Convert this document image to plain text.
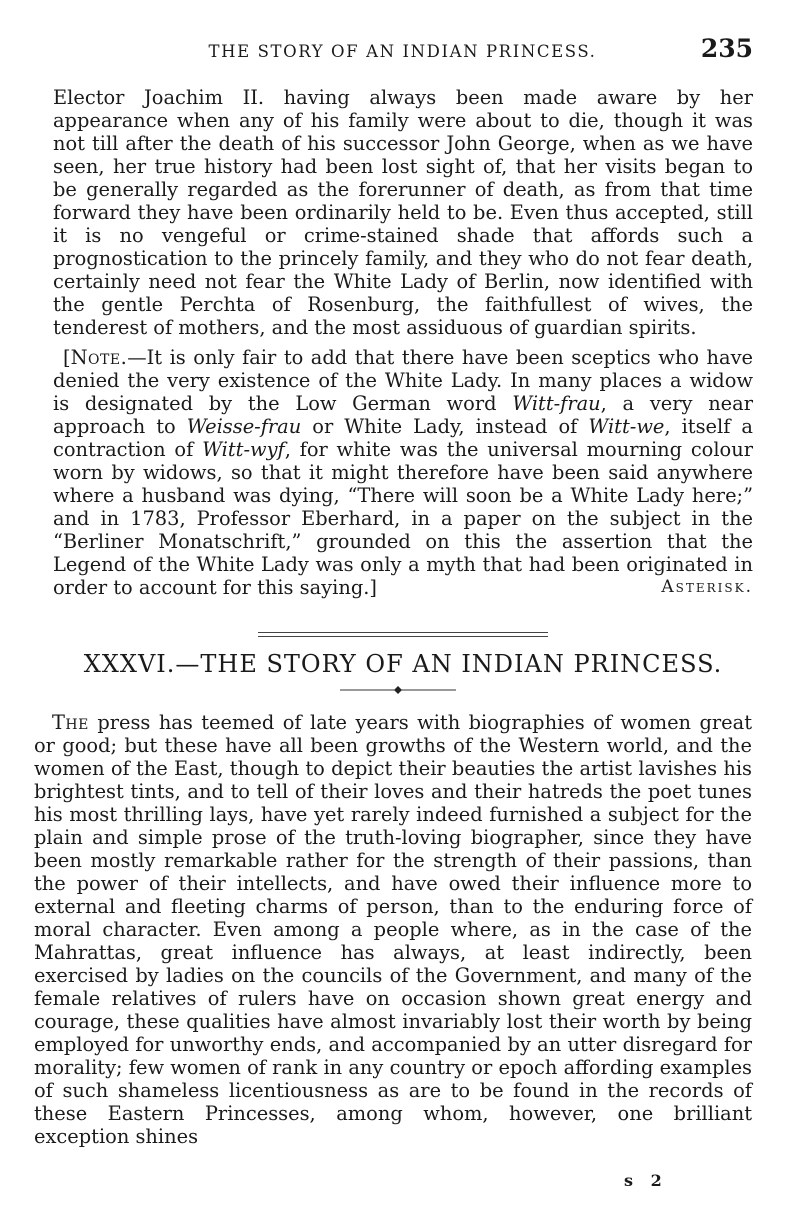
THE STORY OF AN INDIAN PRINCESS.	235

Elector Joachim II. having always been made aware by her appearance when any of his family were about to die, though it was not till after the death of his successor John George, when as we have seen, her true history had been lost sight of, that her visits began to be generally regarded as the forerunner of death, as from that time forward they have been ordinarily held to be. Even thus accepted, still it is no vengeful or crime-stained shade that affords such a prognostication to the princely family, and they who do not fear death, certainly need not fear the White Lady of Berlin, now identified with the gentle Perchta of Rosenburg, the faithfullest of wives, the tenderest of mothers, and the most assiduous of guardian spirits.

[Note.—It is only fair to add that there have been sceptics who have denied the very existence of the White Lady. In many places a widow is designated by the Low German word Witt-frau, a very near approach to Weisse-frau or White Lady, instead of Witt-we, itself a contraction of Witt-wyf, for white was the universal mourning colour worn by widows, so that it might therefore have been said anywhere where a husband was dying, “There will soon be a White Lady here;” and in 1783, Professor Eberhard, in a paper on the subject in the “Berliner Monatschrift,” grounded on this the assertion that the Legend of the White Lady was only a myth that had been originated in order to account for this saying.]	Asterisk.

XXXVI.—THE STORY OF AN INDIAN PRINCESS.

The press has teemed of late years with biographies of women great or good; but these have all been growths of the Western world, and the women of the East, though to depict their beauties the artist lavishes his brightest tints, and to tell of their loves and their hatreds the poet tunes his most thrilling lays, have yet rarely indeed furnished a subject for the plain and simple prose of the truth-loving biographer, since they have been mostly remarkable rather for the strength of their passions, than the power of their intellects, and have owed their influence more to external and fleeting charms of person, than to the enduring force of moral character. Even among a people where, as in the case of the Mahrattas, great influence has always, at least indirectly, been exercised by ladies on the councils of the Government, and many of the female relatives of rulers have on occasion shown great energy and courage, these qualities have almost invariably lost their worth by being employed for unworthy ends, and accompanied by an utter disregard for morality; few women of rank in any country or epoch affording examples of such shameless licentiousness as are to be found in the records of these Eastern Princesses, among whom, however, one brilliant exception shines

s 2
